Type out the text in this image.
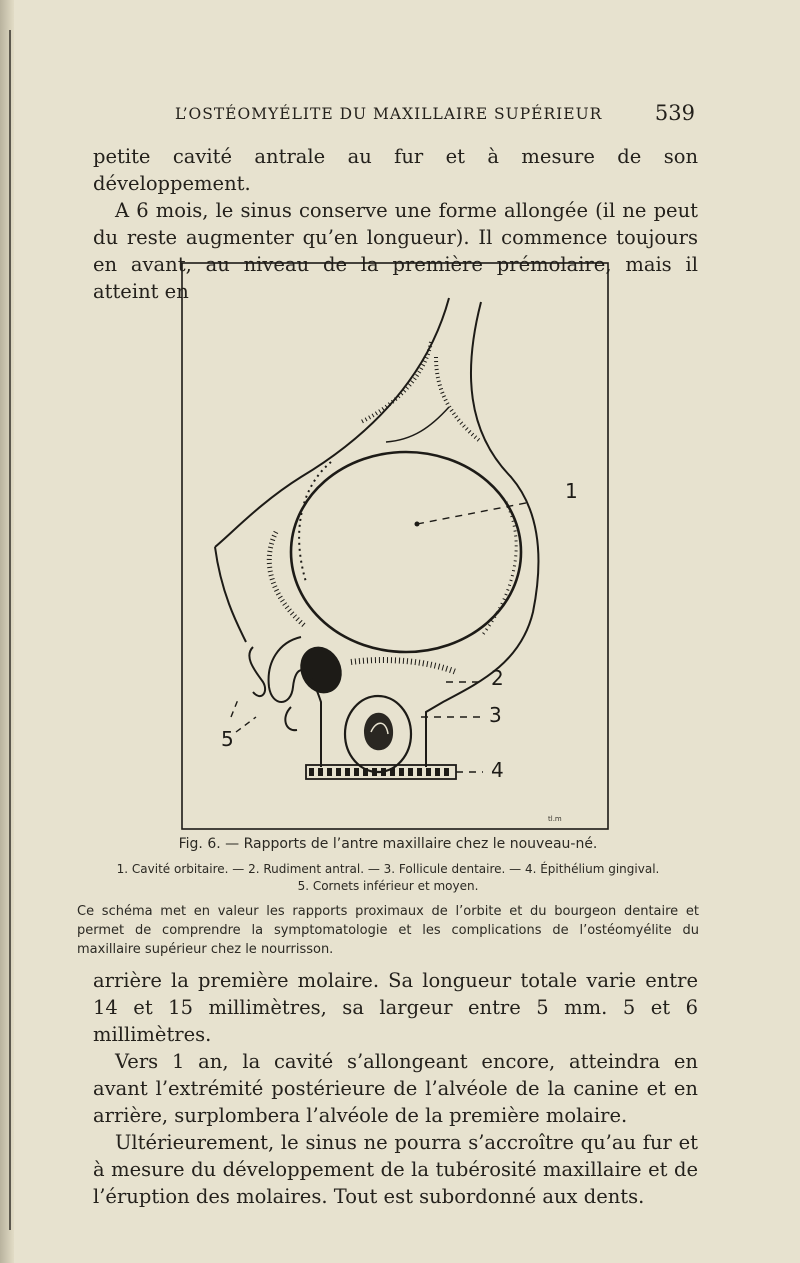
L’OSTÉOMYÉLITE DU MAXILLAIRE SUPÉRIEUR	539

petite cavité antrale au fur et à mesure de son développement.

A 6 mois, le sinus conserve une forme allongée (il ne peut du reste augmenter qu’en longueur). Il commence toujours en avant, au niveau de la première prémolaire, mais il atteint en

1
2
3
4
5
tl.m
Fig. 6. — Rapports de l’antre maxillaire chez le nouveau-né.
1. Cavité orbitaire. — 2. Rudiment antral. — 3. Follicule dentaire. — 4. Épithélium gingival.
5. Cornets inférieur et moyen.
Ce schéma met en valeur les rapports proximaux de l’orbite et du bourgeon dentaire et permet de comprendre la symptomatologie et les complications de l’ostéomyélite du maxillaire supérieur chez le nourrisson.

arrière la première molaire. Sa longueur totale varie entre 14 et 15 millimètres, sa largeur entre 5 mm. 5 et 6 millimètres.

Vers 1 an, la cavité s’allongeant encore, atteindra en avant l’extrémité postérieure de l’alvéole de la canine et en arrière, surplombera l’alvéole de la première molaire.

Ultérieurement, le sinus ne pourra s’accroître qu’au fur et à mesure du développement de la tubérosité maxillaire et de l’éruption des molaires. Tout est subordonné aux dents.
